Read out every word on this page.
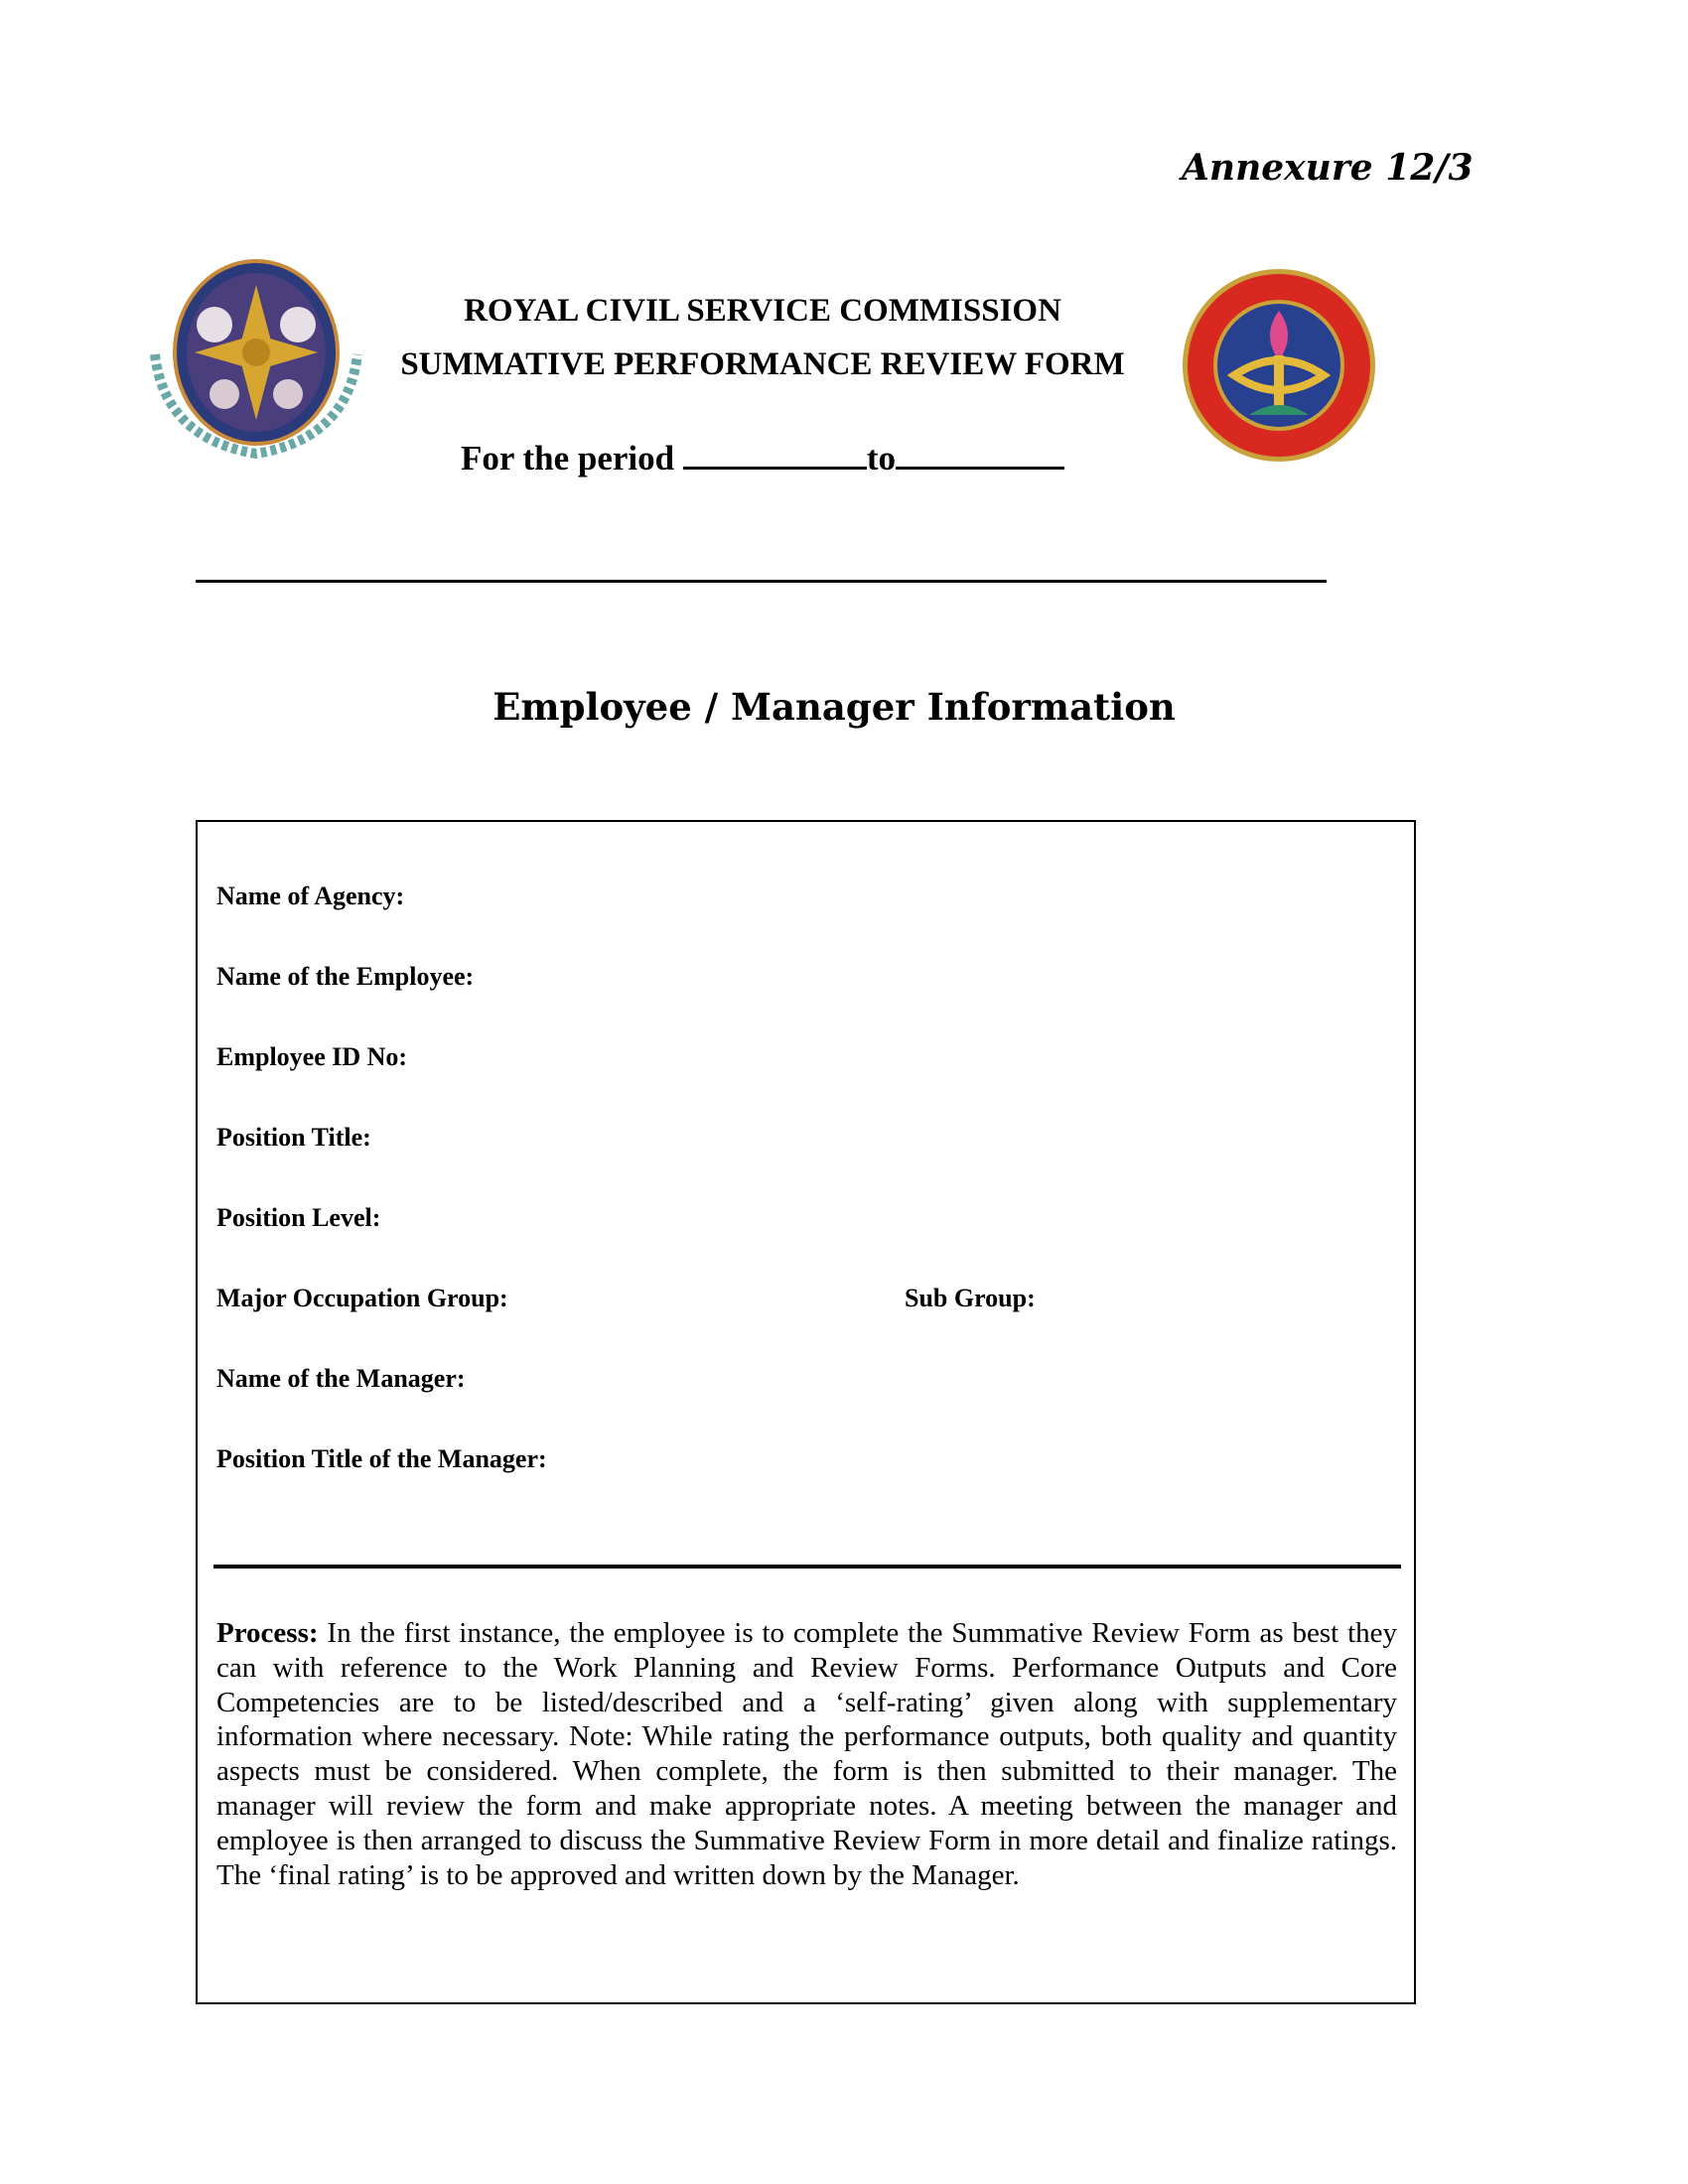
Annexure 12/3
ROYAL CIVIL SERVICE COMMISSION
SUMMATIVE PERFORMANCE REVIEW FORM
For the period	to
Employee / Manager Information
Name of Agency:
Name of the Employee:
Employee ID No:
Position Title:
Position Level:
Major Occupation Group:	Sub Group:
Name of the Manager:
Position Title of the Manager:
Process: In the first instance, the employee is to complete the Summative Review Form as best they can with reference to the Work Planning and Review Forms. Performance Outputs and Core Competencies are to be listed/described and a ‘self-rating’ given along with supplementary information where necessary. Note: While rating the performance outputs, both quality and quantity aspects must be considered. When complete, the form is then submitted to their manager. The manager will review the form and make appropriate notes. A meeting between the manager and employee is then arranged to discuss the Summative Review Form in more detail and finalize ratings. The ‘final rating’ is to be approved and written down by the Manager.
